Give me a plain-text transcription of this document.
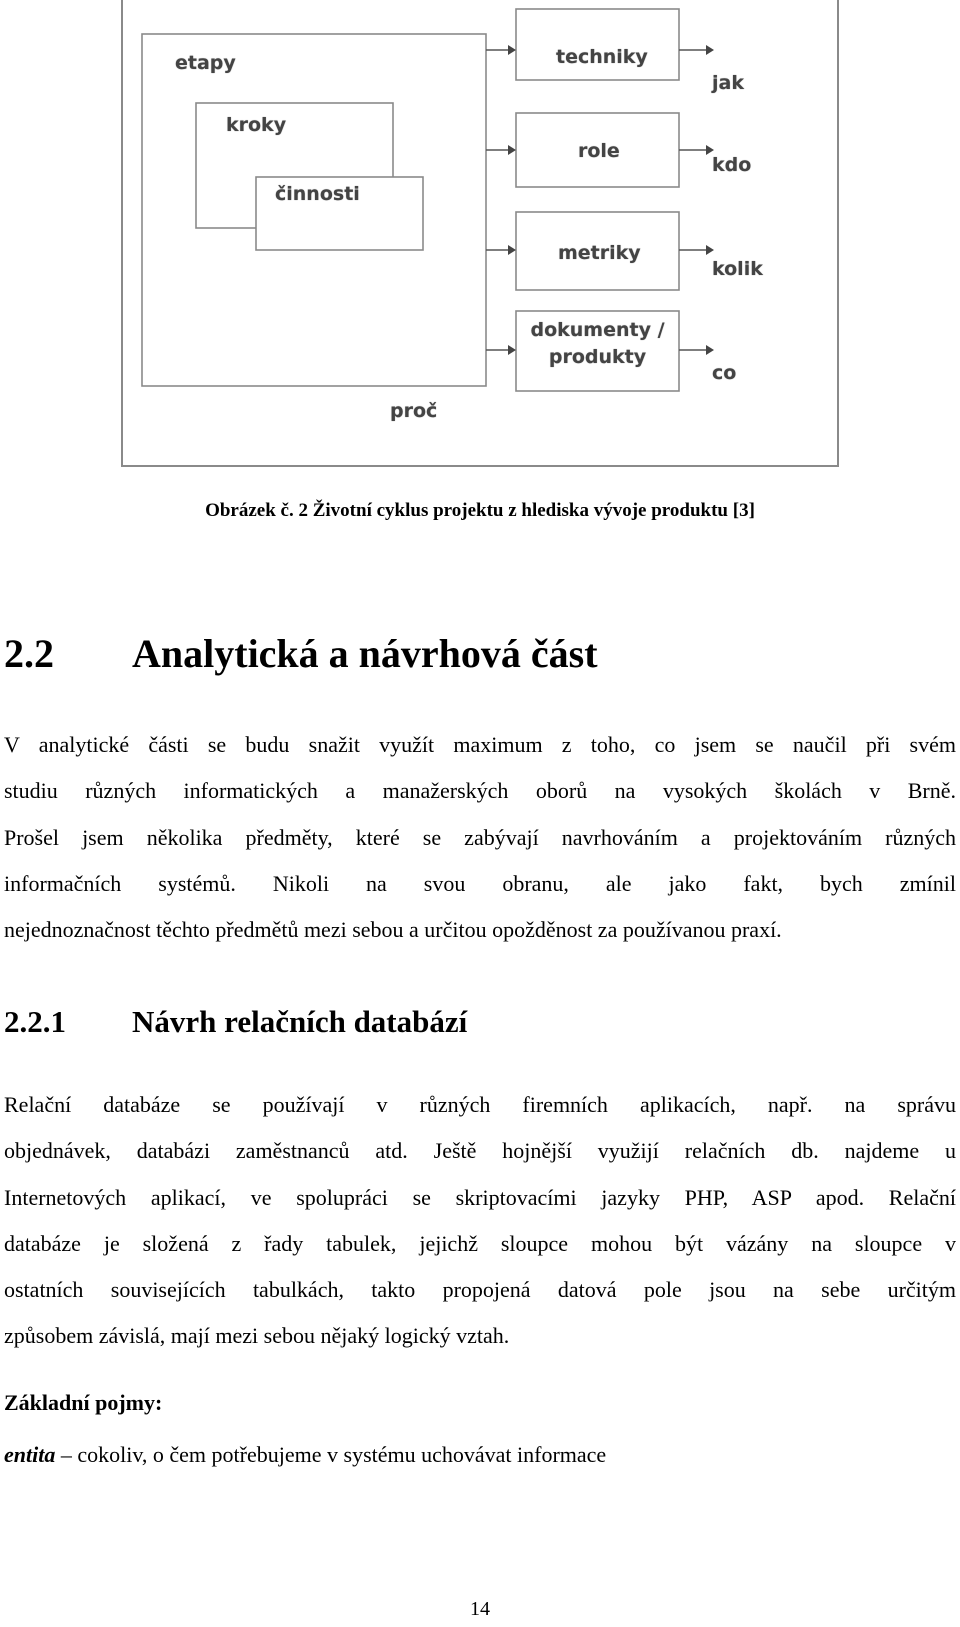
etapy
kroky
činnosti
proč
techniky
role
metriky
dokumenty /
produkty
jak
kdo
kolik
co
Obrázek č. 2 Životní cyklus projektu z hlediska vývoje produktu [3]
2.2 Analytická a návrhová část
V analytické části se budu snažit využít maximum z toho, co jsem se naučil při svém
studiu různých informatických a manažerských oborů na vysokých školách v Brně.
Prošel jsem několika předměty, které se zabývají navrhováním a projektováním různých
informačních systémů. Nikoli na svou obranu, ale jako fakt, bych zmínil
nejednoznačnost těchto předmětů mezi sebou a určitou opožděnost za používanou praxí.
2.2.1 Návrh relačních databází
Relační databáze se používají v různých firemních aplikacích, např. na správu
objednávek, databázi zaměstnanců atd. Ještě hojnější využijí relačních db. najdeme u
Internetových aplikací, ve spolupráci se skriptovacími jazyky PHP, ASP apod. Relační
databáze je složená z řady tabulek, jejichž sloupce mohou být vázány na sloupce v
ostatních souvisejících tabulkách, takto propojená datová pole jsou na sebe určitým
způsobem závislá, mají mezi sebou nějaký logický vztah.
Základní pojmy:
entita – cokoliv, o čem potřebujeme v systému uchovávat informace
14
